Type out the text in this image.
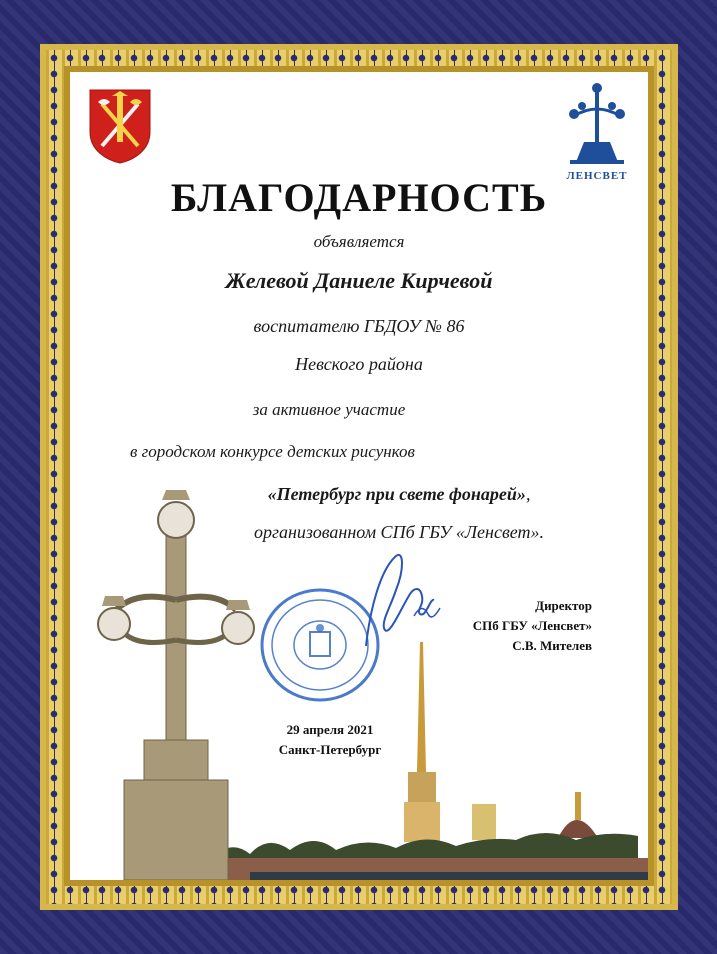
ЛЕНСВЕТ
БЛАГОДАРНОСТЬ
объявляется
Желевой Даниеле Кирчевой
воспитателю ГБДОУ № 86
Невского района
за активное участие
в городском конкурсе детских рисунков
«Петербург при свете фонарей»,
организованном СПб ГБУ «Ленсвет».
Директор
СПб ГБУ «Ленсвет»
С.В. Мителев
29 апреля 2021
Санкт-Петербург
